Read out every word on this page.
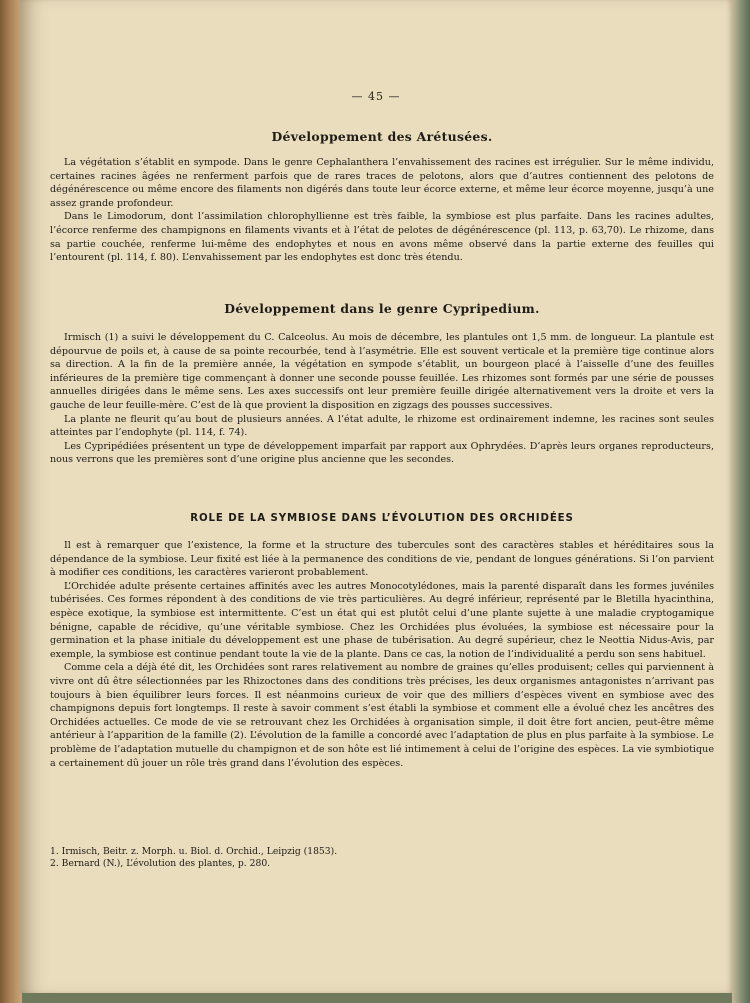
— 45 —
Développement des Arétusées.

La végétation s’établit en sympode. Dans le genre Cephalanthera l’envahissement des racines est irrégulier. Sur le même individu, certaines racines âgées ne renferment parfois que de rares traces de pelotons, alors que d’autres contiennent des pelotons de dégénérescence ou même encore des filaments non digérés dans toute leur écorce externe, et même leur écorce moyenne, jusqu’à une assez grande profondeur.

Dans le Limodorum, dont l’assimilation chlorophyllienne est très faible, la symbiose est plus parfaite. Dans les racines adultes, l’écorce renferme des champignons en filaments vivants et à l’état de pelotes de dégénérescence (pl. 113, p. 63,70). Le rhizome, dans sa partie couchée, renferme lui-même des endophytes et nous en avons même observé dans la partie externe des feuilles qui l’entourent (pl. 114, f. 80). L’envahissement par les endophytes est donc très étendu.

Développement dans le genre Cypripedium.

Irmisch (1) a suivi le développement du C. Calceolus. Au mois de décembre, les plantules ont 1,5 mm. de longueur. La plantule est dépourvue de poils et, à cause de sa pointe recourbée, tend à l’asymétrie. Elle est souvent verticale et la première tige continue alors sa direction. A la fin de la première année, la végétation en sympode s’établit, un bourgeon placé à l’aisselle d’une des feuilles inférieures de la première tige commençant à donner une seconde pousse feuillée. Les rhizomes sont formés par une série de pousses annuelles dirigées dans le même sens. Les axes successifs ont leur première feuille dirigée alternativement vers la droite et vers la gauche de leur feuille-mère. C’est de là que provient la disposition en zigzags des pousses successives.

La plante ne fleurit qu’au bout de plusieurs années. A l’état adulte, le rhizome est ordinairement indemne, les racines sont seules atteintes par l’endophyte (pl. 114, f. 74).

Les Cypripédiées présentent un type de développement imparfait par rapport aux Ophrydées. D’après leurs organes reproducteurs, nous verrons que les premières sont d’une origine plus ancienne que les secondes.

ROLE DE LA SYMBIOSE DANS L’ÉVOLUTION DES ORCHIDÉES

Il est à remarquer que l’existence, la forme et la structure des tubercules sont des caractères stables et héréditaires sous la dépendance de la symbiose. Leur fixité est liée à la permanence des conditions de vie, pendant de longues générations. Si l’on parvient à modifier ces conditions, les caractères varieront probablement.

L’Orchidée adulte présente certaines affinités avec les autres Monocotylédones, mais la parenté disparaît dans les formes juvéniles tubérisées. Ces formes répondent à des conditions de vie très particulières. Au degré inférieur, représenté par le Bletilla hyacinthina, espèce exotique, la symbiose est intermittente. C’est un état qui est plutôt celui d’une plante sujette à une maladie cryptogamique bénigne, capable de récidive, qu’une véritable symbiose. Chez les Orchidées plus évoluées, la symbiose est nécessaire pour la germination et la phase initiale du développement est une phase de tubérisation. Au degré supérieur, chez le Neottia Nidus-Avis, par exemple, la symbiose est continue pendant toute la vie de la plante. Dans ce cas, la notion de l’individualité a perdu son sens habituel.

Comme cela a déjà été dit, les Orchidées sont rares relativement au nombre de graines qu’elles produisent; celles qui parviennent à vivre ont dû être sélectionnées par les Rhizoctones dans des conditions très précises, les deux organismes antagonistes n’arrivant pas toujours à bien équilibrer leurs forces. Il est néanmoins curieux de voir que des milliers d’espèces vivent en symbiose avec des champignons depuis fort longtemps. Il reste à savoir comment s’est établi la symbiose et comment elle a évolué chez les ancêtres des Orchidées actuelles. Ce mode de vie se retrouvant chez les Orchidées à organisation simple, il doit être fort ancien, peut-être même antérieur à l’apparition de la famille (2). L’évolution de la famille a concordé avec l’adaptation de plus en plus parfaite à la symbiose. Le problème de l’adaptation mutuelle du champignon et de son hôte est lié intimement à celui de l’origine des espèces. La vie symbiotique a certainement dû jouer un rôle très grand dans l’évolution des espèces.

1. Irmisch, Beitr. z. Morph. u. Biol. d. Orchid., Leipzig (1853).
2. Bernard (N.), L’évolution des plantes, p. 280.
